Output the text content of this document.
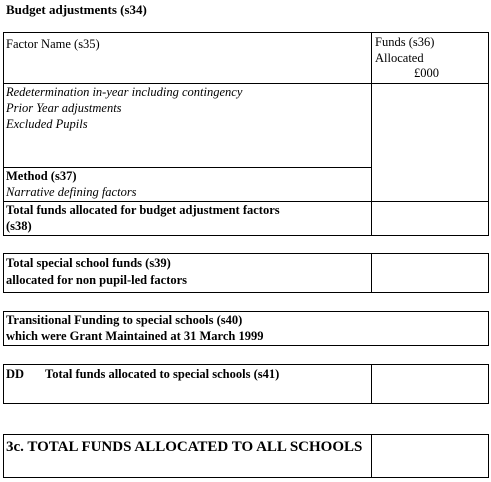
Budget adjustments (s34)
Factor Name (s35)	Funds (s36)
Allocated
£000
Redetermination in-year including contingency
Prior Year adjustments
Excluded Pupils
Method (s37)
Narrative defining factors
Total funds allocated for budget adjustment factors
(s38)
Total special school funds (s39)
allocated for non pupil-led factors
Transitional Funding to special schools (s40)
which were Grant Maintained at 31 March 1999
DD Total funds allocated to special schools (s41)
3c. TOTAL FUNDS ALLOCATED TO ALL SCHOOLS
